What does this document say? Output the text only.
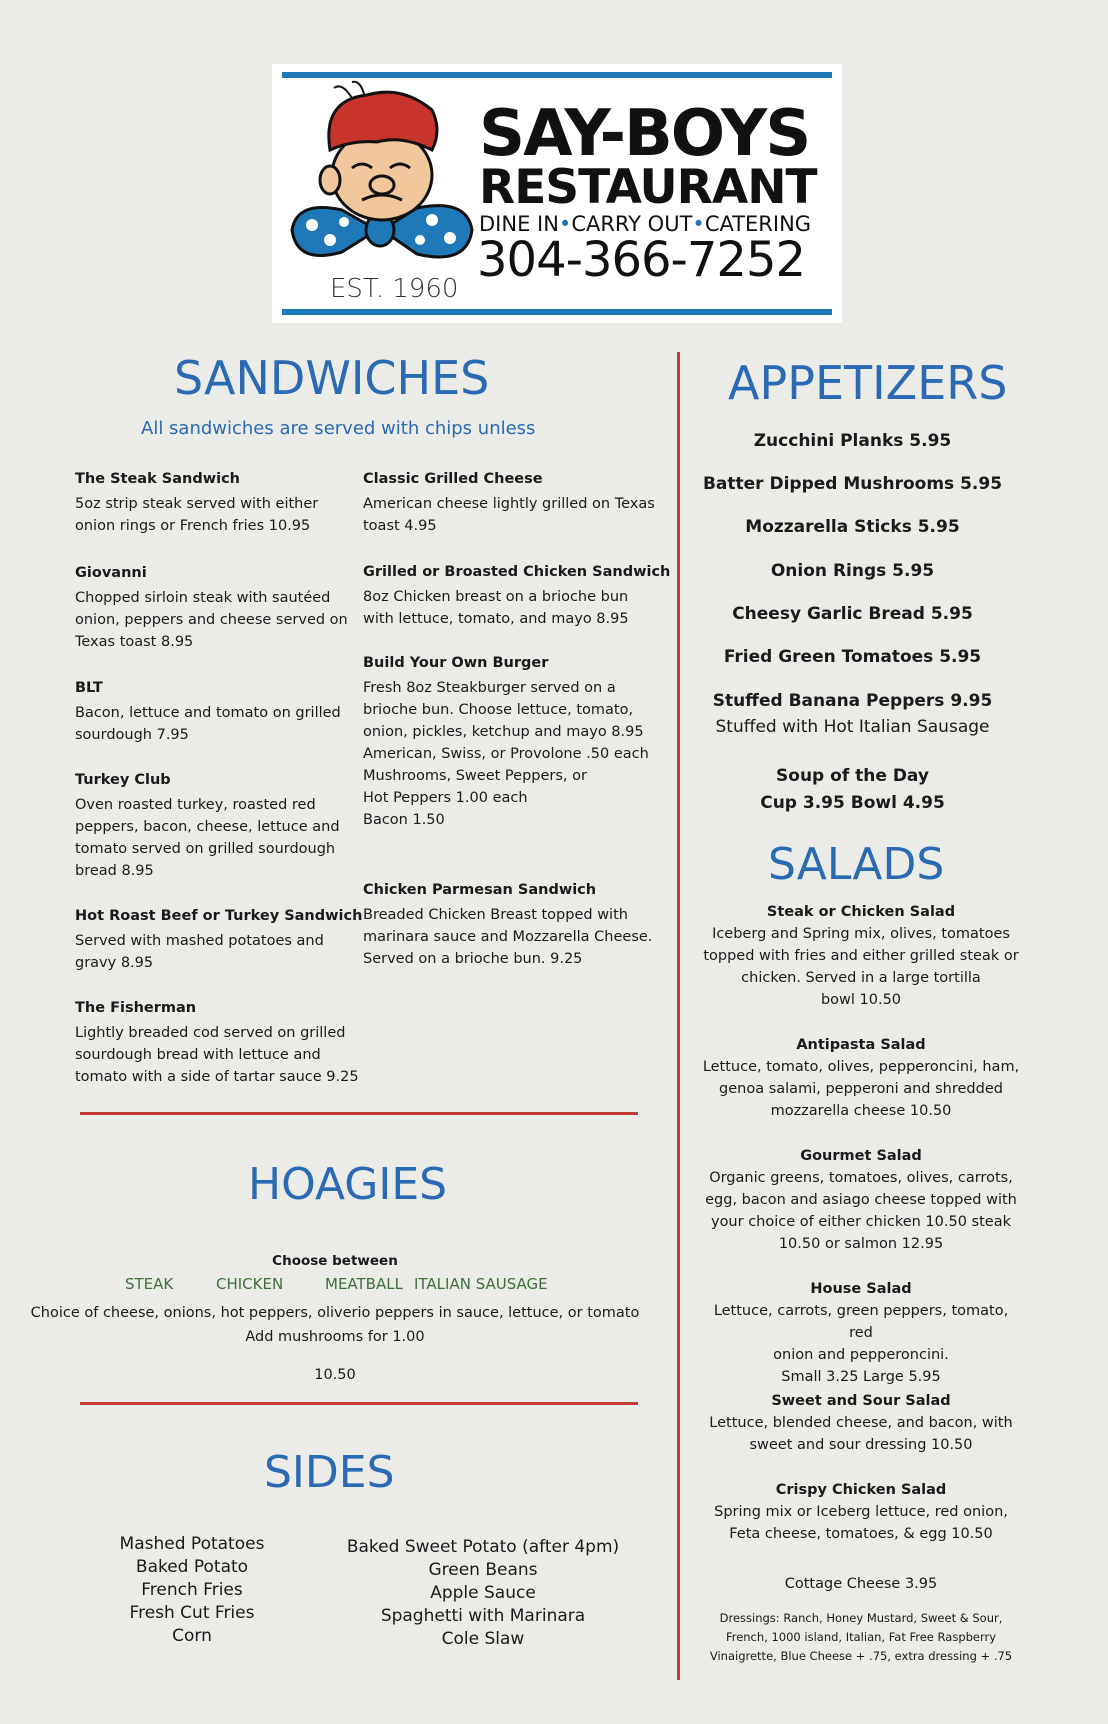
SAY-BOYS
RESTAURANT
DINE IN•CARRY OUT•CATERING
304-366-7252
EST. 1960
SANDWICHES
All sandwiches are served with chips unless
The Steak Sandwich
5oz strip steak served with either
onion rings or French fries 10.95
Giovanni
Chopped sirloin steak with sautéed
onion, peppers and cheese served on
Texas toast 8.95
BLT
Bacon, lettuce and tomato on grilled
sourdough 7.95
Turkey Club
Oven roasted turkey, roasted red
peppers, bacon, cheese, lettuce and
tomato served on grilled sourdough
bread 8.95
Hot Roast Beef or Turkey Sandwich
Served with mashed potatoes and
gravy 8.95
The Fisherman
Lightly breaded cod served on grilled
sourdough bread with lettuce and
tomato with a side of tartar sauce 9.25
Classic Grilled Cheese
American cheese lightly grilled on Texas
toast 4.95
Grilled or Broasted Chicken Sandwich
8oz Chicken breast on a brioche bun
with lettuce, tomato, and mayo 8.95
Build Your Own Burger
Fresh 8oz Steakburger served on a
brioche bun. Choose lettuce, tomato,
onion, pickles, ketchup and mayo 8.95
American, Swiss, or Provolone .50 each
Mushrooms, Sweet Peppers, or
Hot Peppers 1.00 each
Bacon 1.50
Chicken Parmesan Sandwich
Breaded Chicken Breast topped with
marinara sauce and Mozzarella Cheese.
Served on a brioche bun. 9.25
HOAGIES
Choose between
STEAK	CHICKEN	MEATBALL ITALIAN SAUSAGE
Choice of cheese, onions, hot peppers, oliverio peppers in sauce, lettuce, or tomato
Add mushrooms for 1.00
10.50
SIDES
Mashed Potatoes
Baked Potato
French Fries
Fresh Cut Fries
Corn
Baked Sweet Potato (after 4pm)
Green Beans
Apple Sauce
Spaghetti with Marinara
Cole Slaw
APPETIZERS
Zucchini Planks 5.95
Batter Dipped Mushrooms 5.95
Mozzarella Sticks 5.95
Onion Rings 5.95
Cheesy Garlic Bread 5.95
Fried Green Tomatoes 5.95
Stuffed Banana Peppers 9.95
Stuffed with Hot Italian Sausage
Soup of the Day
Cup 3.95 Bowl 4.95
SALADS
Steak or Chicken Salad
Iceberg and Spring mix, olives, tomatoes
topped with fries and either grilled steak or
chicken. Served in a large tortilla
bowl 10.50
Antipasta Salad
Lettuce, tomato, olives, pepperoncini, ham,
genoa salami, pepperoni and shredded
mozzarella cheese 10.50
Gourmet Salad
Organic greens, tomatoes, olives, carrots,
egg, bacon and asiago cheese topped with
your choice of either chicken 10.50 steak
10.50 or salmon 12.95
House Salad
Lettuce, carrots, green peppers, tomato, red
onion and pepperoncini.
Small 3.25 Large 5.95
Sweet and Sour Salad
Lettuce, blended cheese, and bacon, with
sweet and sour dressing 10.50
Crispy Chicken Salad
Spring mix or Iceberg lettuce, red onion,
Feta cheese, tomatoes, & egg 10.50
Cottage Cheese 3.95
Dressings: Ranch, Honey Mustard, Sweet & Sour,
French, 1000 island, Italian, Fat Free Raspberry
Vinaigrette, Blue Cheese + .75, extra dressing + .75
